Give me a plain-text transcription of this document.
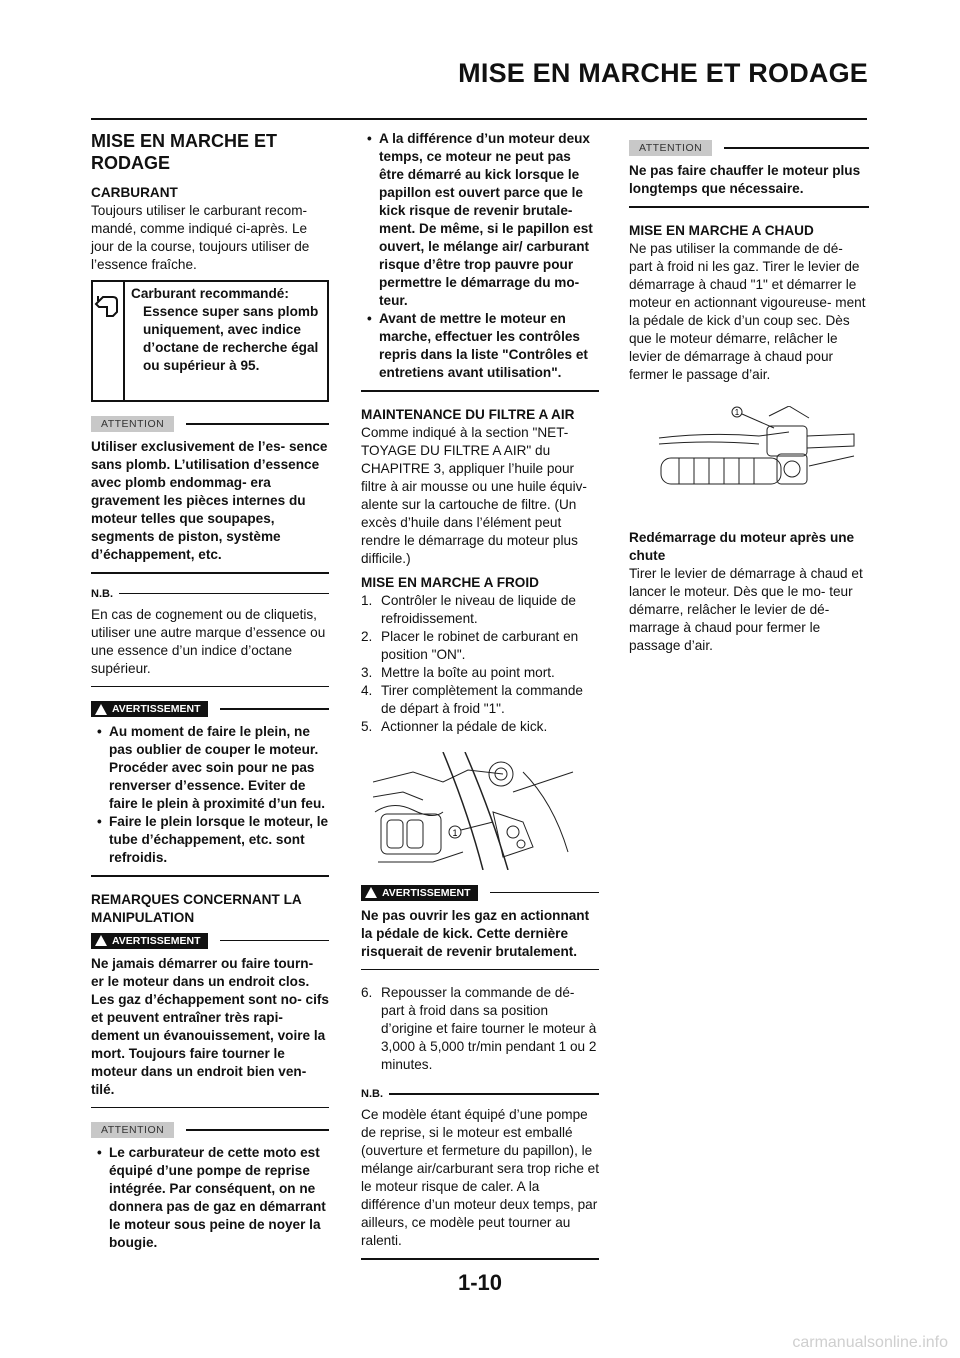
MISE EN MARCHE ET RODAGE
MISE EN MARCHE ET RODAGE
CARBURANT

Toujours utiliser le carburant recom- mandé, comme indiqué ci-après. Le jour de la course, toujours utiliser de l’essence fraîche.

Carburant recommandé:
Essence super sans plomb uniquement, avec indice d’octane de recherche égal ou supérieur à 95.
ATTENTION

Utiliser exclusivement de l’es- sence sans plomb. L’utilisation d’essence avec plomb endommag- era gravement les pièces internes du moteur telles que soupapes, segments de piston, système d’échappement, etc.

N.B.

En cas de cognement ou de cliquetis, utiliser une autre marque d’essence ou une essence d’un indice d’octane supérieur.

AVERTISSEMENT
• Au moment de faire le plein, ne pas oublier de couper le moteur. Procéder avec soin pour ne pas renverser d’essence. Eviter de faire le plein à proximité d’un feu.
• Faire le plein lorsque le moteur, le tube d’échappement, etc. sont refroidis.
REMARQUES CONCERNANT LA MANIPULATION
AVERTISSEMENT

Ne jamais démarrer ou faire tourn- er le moteur dans un endroit clos. Les gaz d’échappement sont no- cifs et peuvent entraîner très rapi- dement un évanouissement, voire la mort. Toujours faire tourner le moteur dans un endroit bien ven- tilé.

ATTENTION
• Le carburateur de cette moto est équipé d’une pompe de reprise intégrée. Par conséquent, on ne donnera pas de gaz en démarrant le moteur sous peine de noyer la bougie.
• A la différence d’un moteur deux temps, ce moteur ne peut pas être démarré au kick lorsque le papillon est ouvert parce que le kick risque de revenir brutale- ment. De même, si le papillon est ouvert, le mélange air/ carburant risque d’être trop pauvre pour permettre le démarrage du mo- teur.
• Avant de mettre le moteur en marche, effectuer les contrôles repris dans la liste "Contrôles et entretiens avant utilisation".
MAINTENANCE DU FILTRE A AIR

Comme indiqué à la section "NET- TOYAGE DU FILTRE A AIR" du CHAPITRE 3, appliquer l’huile pour filtre à air mousse ou une huile équiv- alente sur la cartouche de filtre. (Un excès d’huile dans l’élément peut rendre le démarrage du moteur plus difficile.)

MISE EN MARCHE A FROID
1. Contrôler le niveau de liquide de refroidissement.
2. Placer le robinet de carburant en position "ON".
3. Mettre la boîte au point mort.
4. Tirer complètement la commande de départ à froid "1".
5. Actionner la pédale de kick.
1
AVERTISSEMENT

Ne pas ouvrir les gaz en actionnant la pédale de kick. Cette dernière risquerait de revenir brutalement.

6. Repousser la commande de dé- part à froid dans sa position d’origine et faire tourner le moteur à 3,000 à 5,000 tr/min pendant 1 ou 2 minutes.
N.B.

Ce modèle étant équipé d’une pompe de reprise, si le moteur est emballé (ouverture et fermeture du papillon), le mélange air/carburant sera trop riche et le moteur risque de caler. A la différence d’un moteur deux temps, par ailleurs, ce modèle peut tourner au ralenti.

ATTENTION

Ne pas faire chauffer le moteur plus longtemps que nécessaire.

MISE EN MARCHE A CHAUD

Ne pas utiliser la commande de dé- part à froid ni les gaz. Tirer le levier de démarrage à chaud "1" et démarrer le moteur en actionnant vigoureuse- ment la pédale de kick d’un coup sec. Dès que le moteur démarre, relâcher le levier de démarrage à chaud pour fermer le passage d’air.

1
Redémarrage du moteur après une chute

Tirer le levier de démarrage à chaud et lancer le moteur. Dès que le mo- teur démarre, relâcher le levier de dé- marrage à chaud pour fermer le passage d’air.

1-10
carmanualsonline.info
